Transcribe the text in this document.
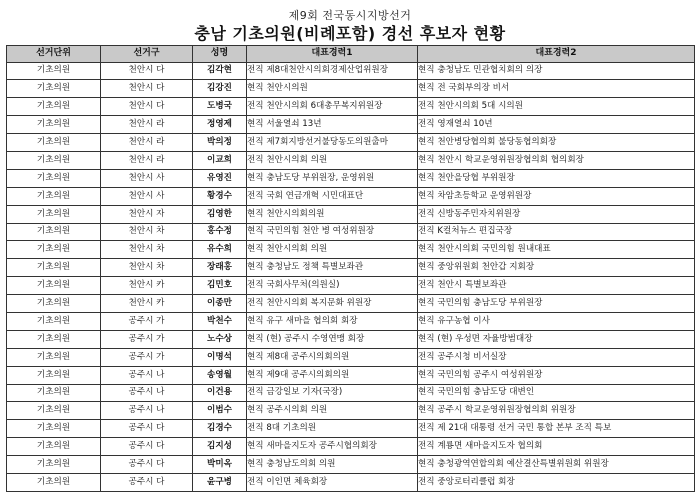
제9회 전국동시지방선거
충남 기초의원(비례포함) 경선 후보자 현황
선거단위	선거구	성명	대표경력1	대표경력2
기초의원	천안시 다	김각현	전직 제8대천안시의회경제산업위원장	현직 충청남도 민관협치회의 의장
기초의원	천안시 다	김강진	현직 천안시의원	현직 전 국회부의장 비서
기초의원	천안시 다	도병국	전직 천안시의회 6대총무복지위원장	전직 천안시의회 5대 시의원
기초의원	천안시 라	정영제	현직 서울열쇠 13년	전직 영재열쇠 10년
기초의원	천안시 라	박의정	전직 제7회지방선거불당동도의원출마	현직 천안병당협의회 불당동협의회장
기초의원	천안시 라	이교희	전직 천안시의회 의원	현직 천안시 학교운영위원장협의회 협의회장
기초의원	천안시 사	유영진	현직 충남도당 부위원장, 운영위원	현직 천안을당협 부위원장
기초의원	천안시 사	황경수	전직 국회 연금개혁 시민대표단	현직 차암초등학교 운영위원장
기초의원	천안시 자	김영한	현직 천안시의회의원	전직 신방동주민자치위원장
기초의원	천안시 차	홍수정	현직 국민의힘 천안 병 여성위원장	전직 K컬처뉴스 편집국장
기초의원	천안시 차	유수희	현직 천안시의회 의원	현직 천안시의회 국민의힘 원내대표
기초의원	천안시 차	장래홍	현직 충청남도 정책 특별보좌관	현직 중앙위원회 천안갑 지회장
기초의원	천안시 카	김민호	전직 국회사무처(의원실)	전직 천안시 특별보좌관
기초의원	천안시 카	이종만	전직 천안시의회 복지문화 위원장	현직 국민의힘 충남도당 부위원장
기초의원	공주시 가	박천수	현직 유구 새마을 협의회 회장	현직 유구농협 이사
기초의원	공주시 가	노수상	현직 (현) 공주시 수영연맹 회장	현직 (현) 우성면 자율방범대장
기초의원	공주시 가	이명석	현직 제8대 공주시의회의원	전직 공주시청 비서실장
기초의원	공주시 나	송영월	현직 제9대 공주시의회의원	현직 국민의힘 공주시 여성위원장
기초의원	공주시 나	이건용	전직 금강일보 기자(국장)	현직 국민의힘 충남도당 대변인
기초의원	공주시 나	이범수	현직 공주시의회 의원	현직 공주시 학교운영위원장협의회 위원장
기초의원	공주시 다	김경수	전직 8대 기초의원	전직 제 21대 대통령 선거 국민 통합 본부 조직 특보
기초의원	공주시 다	김지성	현직 새마을지도자 공주시협의회장	전직 계룡면 새마을지도자 협의회
기초의원	공주시 다	박미옥	현직 충청남도의회 의원	현직 충청광역연합의회 예산결산특별위원회 위원장
기초의원	공주시 다	윤구병	전직 이인면 체육회장	전직 중앙로터리클럽 회장
